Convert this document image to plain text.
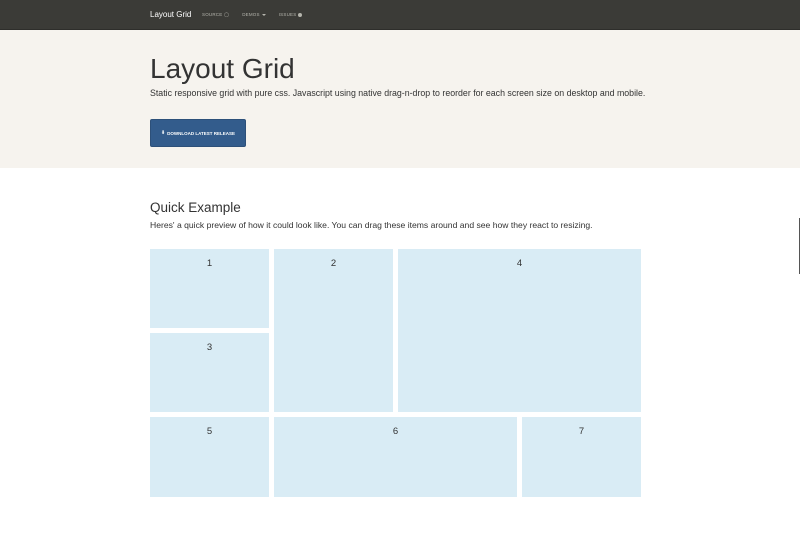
Layout Grid SOURCE ◯	DEMOS	ISSUES
Layout Grid

Static responsive grid with pure css. Javascript using native drag-n-drop to reorder for each screen size on desktop and mobile.

⬇ DOWNLOAD LATEST RELEASE
Quick Example

Heres' a quick preview of how it could look like. You can drag these items around and see how they react to resizing.

1	2	4
3
5	6	7
